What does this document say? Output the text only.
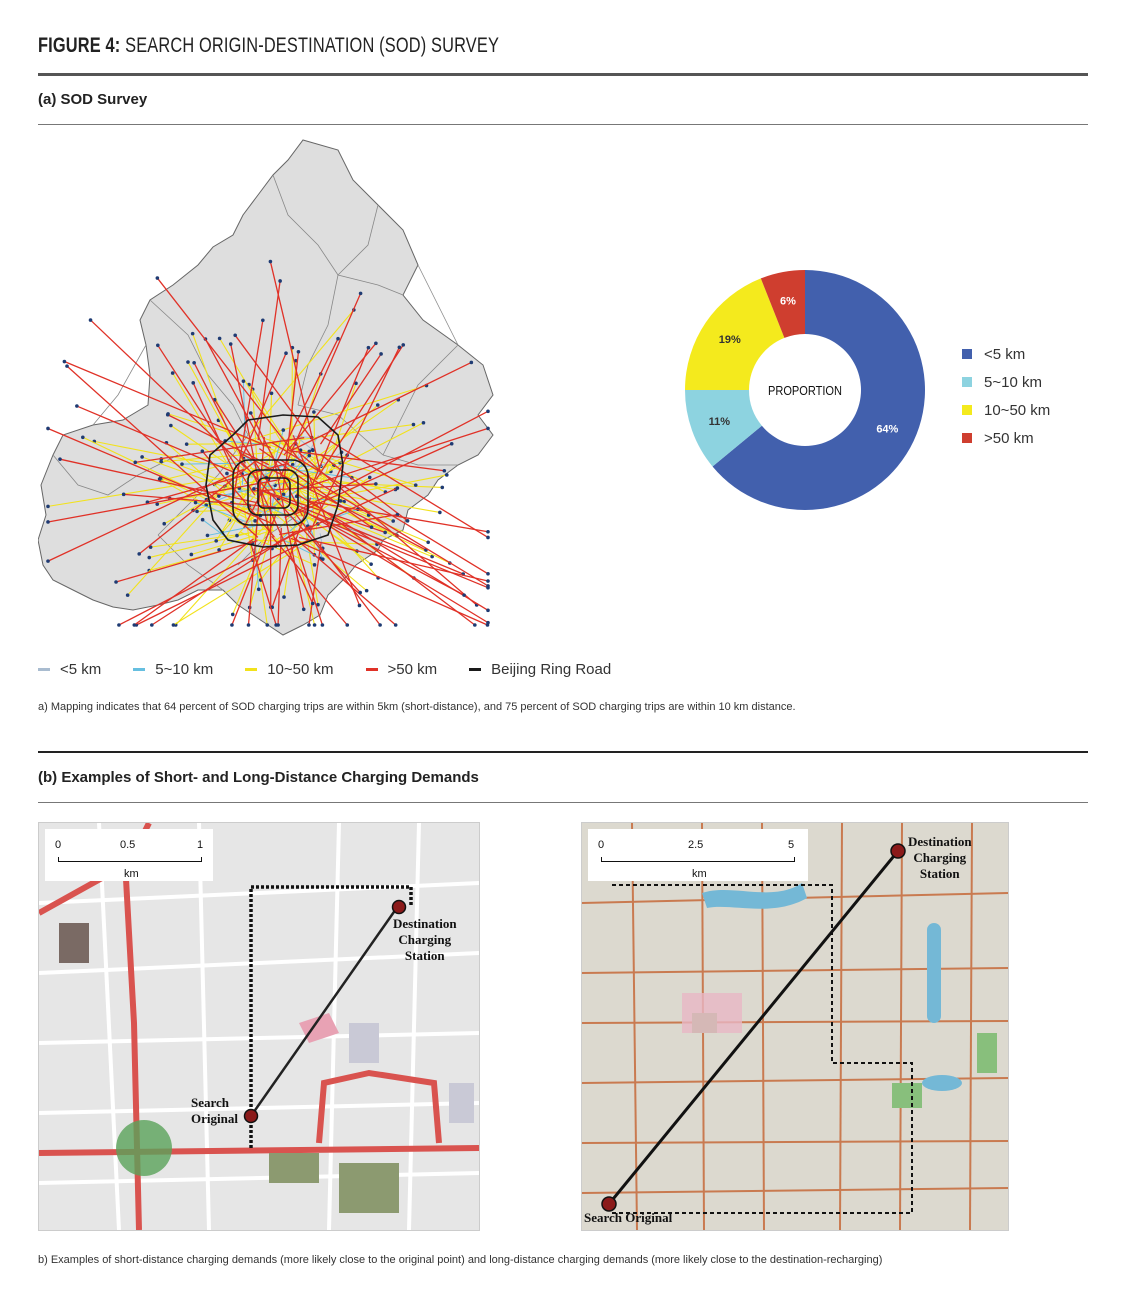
FIGURE 4: SEARCH ORIGIN-DESTINATION (SOD) SURVEY
(a) SOD Survey
<5 km	5~10 km	10~50 km	>50 km	Beijing Ring Road
a) Mapping indicates that 64 percent of SOD charging trips are within 5km (short-distance), and 75 percent of SOD charging trips are within 10 km distance.
64%
11%
19%
6%
PROPORTION
<5 km
5~10 km
10~50 km
>50 km
(b) Examples of Short- and Long-Distance Charging Demands
0	0.5	1
km
Search
Original
Destination
Charging
Station
0	2.5	5
km
Search Original
Destination
Charging
Station
b) Examples of short-distance charging demands (more likely close to the original point) and long-distance charging demands (more likely close to the destination-recharging)
